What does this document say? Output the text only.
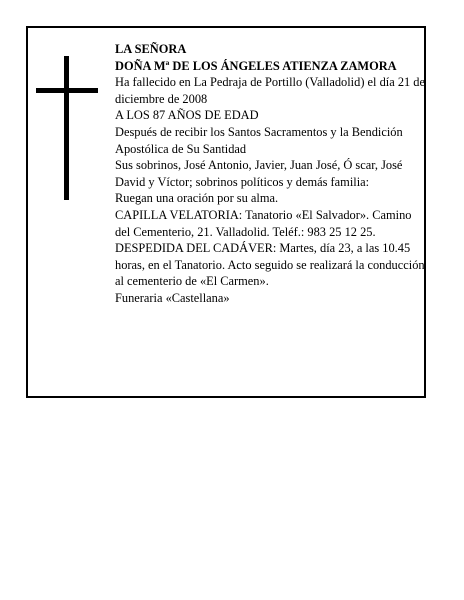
LA SEÑORA

DOÑA Mª DE LOS ÁNGELES ATIENZA ZAMORA

Ha fallecido en La Pedraja de Portillo (Valladolid) el día 21 de diciembre de 2008

A LOS 87 AÑOS DE EDAD

Después de recibir los Santos Sacramentos y la Bendición Apostólica de Su Santidad

Sus sobrinos, José Antonio, Javier, Juan José, Ó scar, José David y Víctor; sobrinos políticos y demás familia:

Ruegan una oración por su alma.

CAPILLA VELATORIA: Tanatorio «El Salvador». Camino del Cementerio, 21. Valladolid. Teléf.: 983 25 12 25.

DESPEDIDA DEL CADÁVER: Martes, día 23, a las 10.45 horas, en el Tanatorio. Acto seguido se realizará la conducción al cementerio de «El Carmen».

Funeraria «Castellana»
